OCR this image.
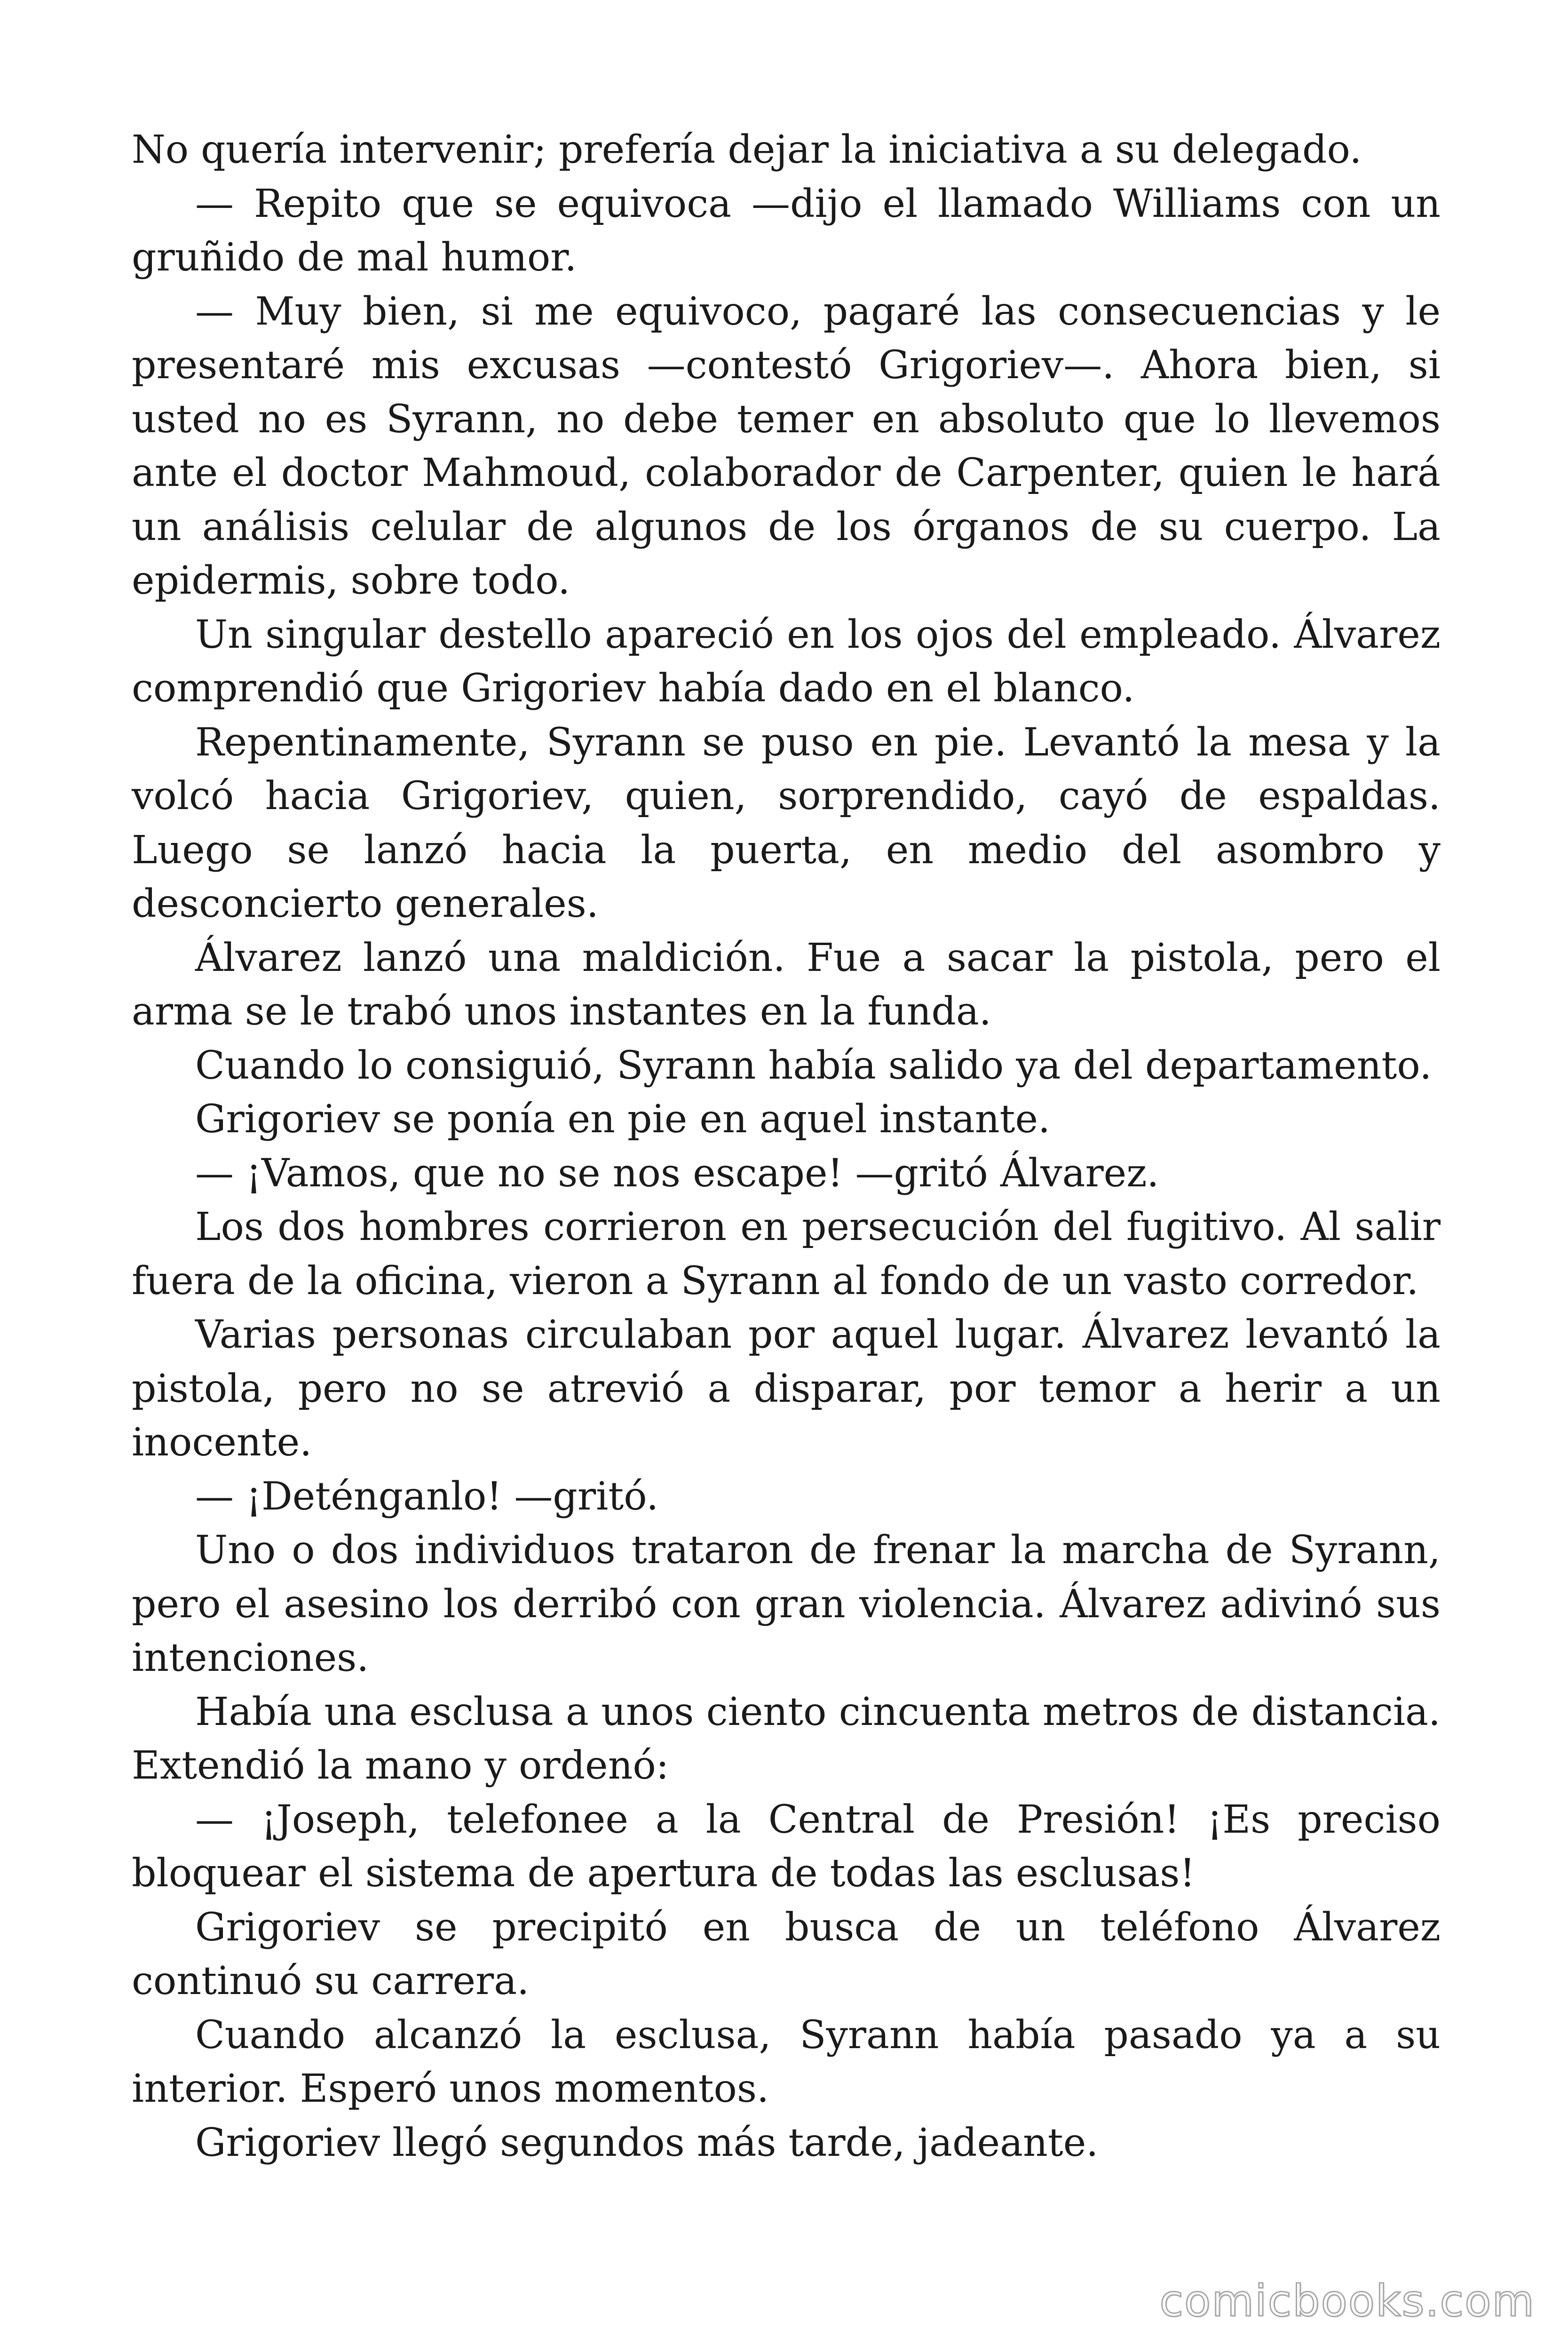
No quería intervenir; prefería dejar la iniciativa a su delegado.

— Repito que se equivoca —dijo el llamado Williams con un gruñido de mal humor.

— Muy bien, si me equivoco, pagaré las consecuencias y le presentaré mis excusas —contestó Grigoriev—. Ahora bien, si usted no es Syrann, no debe temer en absoluto que lo llevemos ante el doctor Mahmoud, colaborador de Carpenter, quien le hará un análisis celular de algunos de los órganos de su cuerpo. La epidermis, sobre todo.

Un singular destello apareció en los ojos del empleado. Álvarez comprendió que Grigoriev había dado en el blanco.

Repentinamente, Syrann se puso en pie. Levantó la mesa y la volcó hacia Grigoriev, quien, sorprendido, cayó de espaldas. Luego se lanzó hacia la puerta, en medio del asombro y desconcierto generales.

Álvarez lanzó una maldición. Fue a sacar la pistola, pero el arma se le trabó unos instantes en la funda.

Cuando lo consiguió, Syrann había salido ya del departamento.

Grigoriev se ponía en pie en aquel instante.

— ¡Vamos, que no se nos escape! —gritó Álvarez.

Los dos hombres corrieron en persecución del fugitivo. Al salir fuera de la oficina, vieron a Syrann al fondo de un vasto corredor.

Varias personas circulaban por aquel lugar. Álvarez levantó la pistola, pero no se atrevió a disparar, por temor a herir a un inocente.

— ¡Deténganlo! —gritó.

Uno o dos individuos trataron de frenar la marcha de Syrann, pero el asesino los derribó con gran violencia. Álvarez adivinó sus intenciones.

Había una esclusa a unos ciento cincuenta metros de distancia. Extendió la mano y ordenó:

— ¡Joseph, telefonee a la Central de Presión! ¡Es preciso bloquear el sistema de apertura de todas las esclusas!

Grigoriev se precipitó en busca de un teléfono Álvarez continuó su carrera.

Cuando alcanzó la esclusa, Syrann había pasado ya a su interior. Esperó unos momentos.

Grigoriev llegó segundos más tarde, jadeante.

comicbooks.com
